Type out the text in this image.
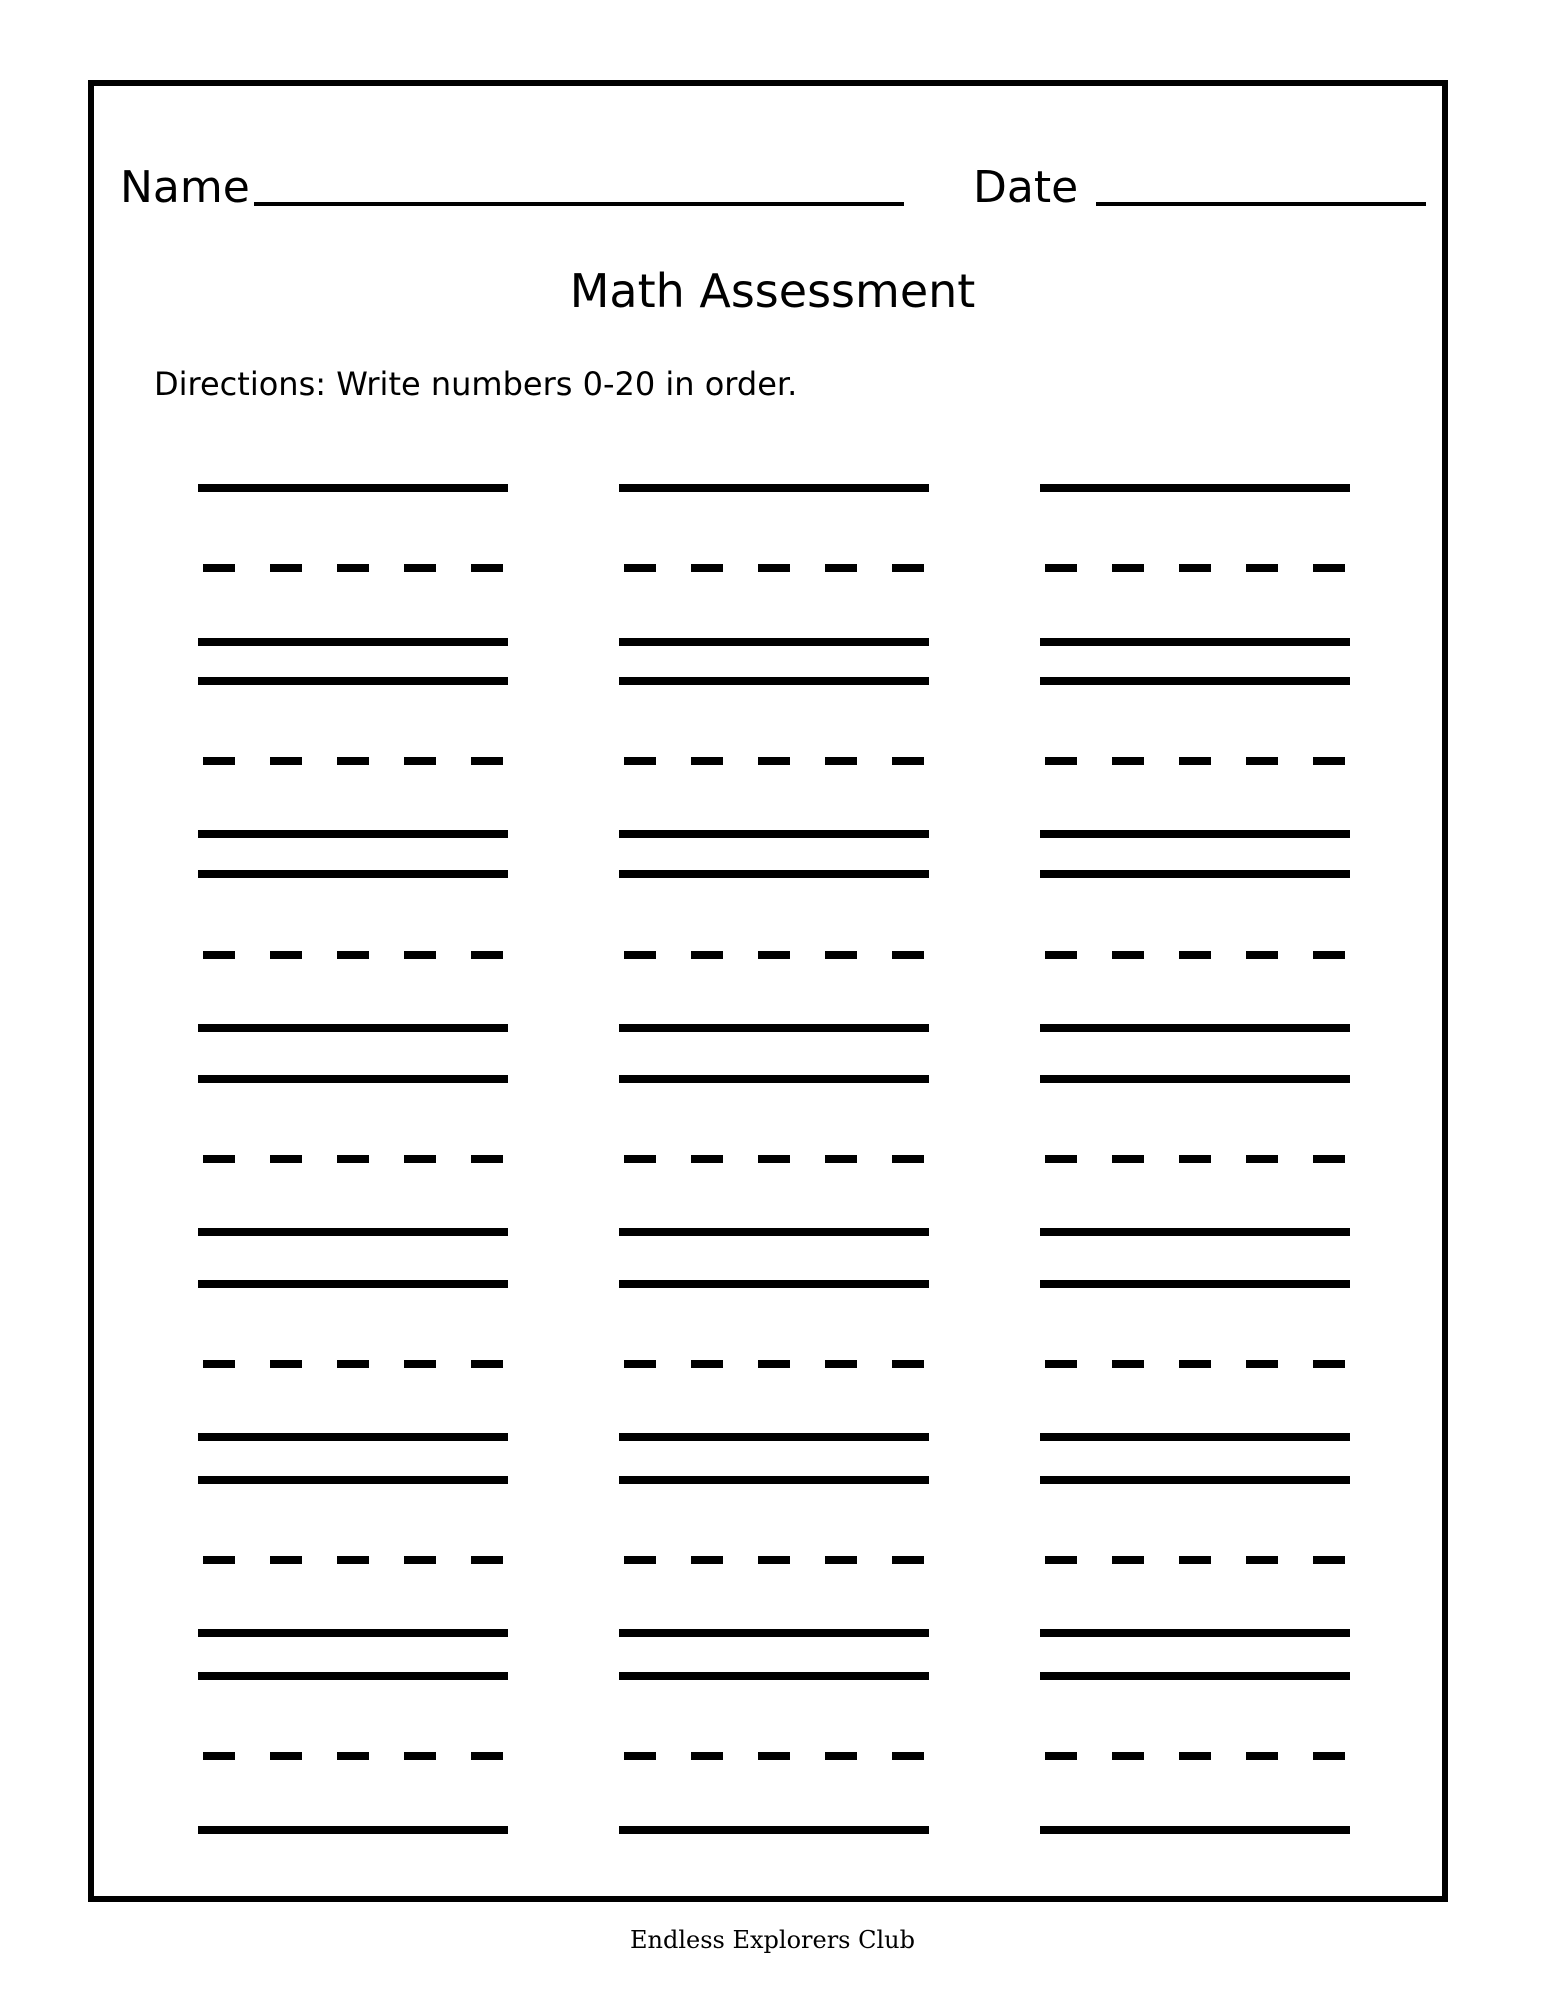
Name	Date
Math Assessment
Directions: Write numbers 0-20 in order.
Endless Explorers Club
